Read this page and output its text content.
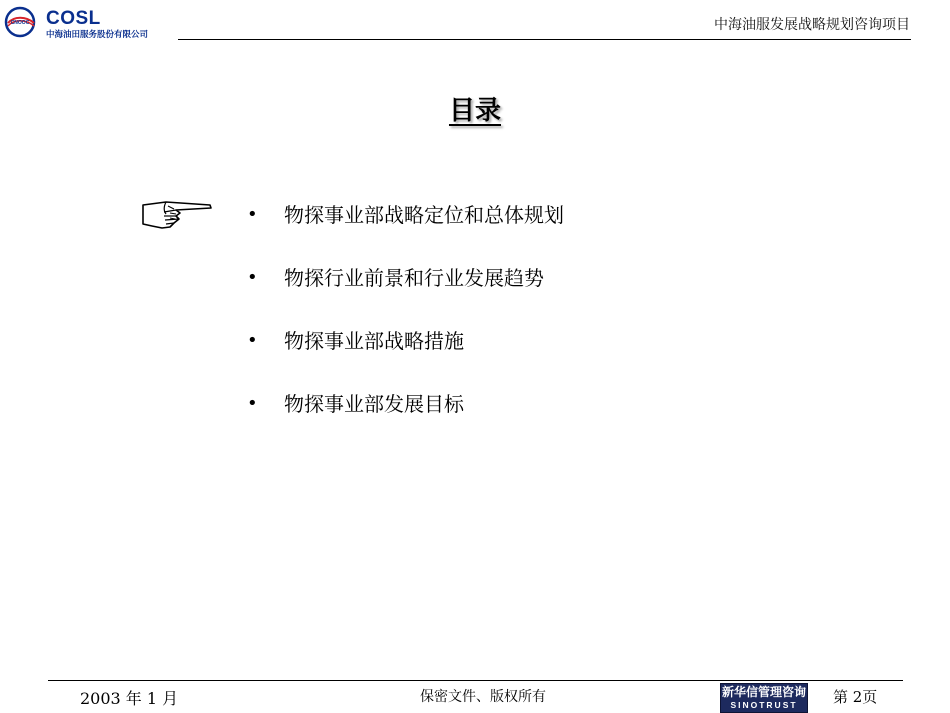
CNOOC COSL
中海油田服务股份有限公司
中海油服发展战略规划咨询项目
目录
•	物探事业部战略定位和总体规划
•	物探行业前景和行业发展趋势
•	物探事业部战略措施
•	物探事业部发展目标
2003 年 1 月	保密文件、版权所有	新华信管理咨询
SINOTRUST	第 2页
